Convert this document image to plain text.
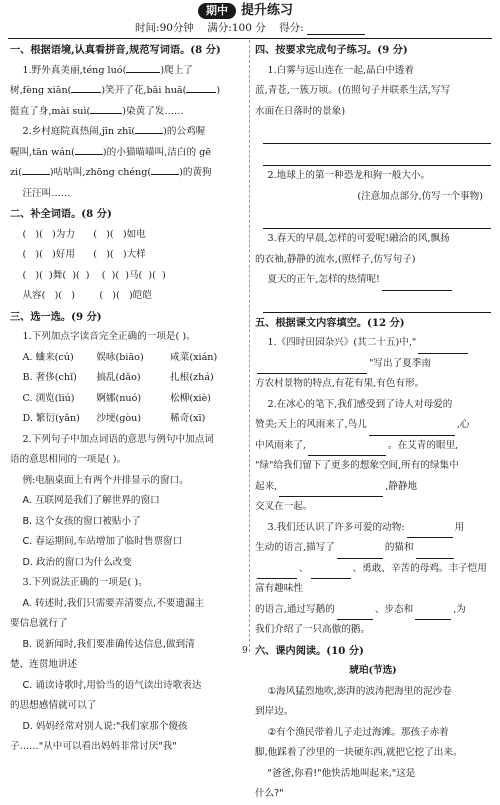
期中	提升练习
时间:90分钟 满分:100 分 得分:
一、根据语境,认真看拼音,规范写词语。(8 分)
1.野外真美丽,téng luó(	)爬上了
树,fèng xiān(	)笑开了花,bǎi huā(	)
挺直了身,mài suì(	)染黄了发……
2.乡村庭院真热闹,jīn zhī(	)的公鸡喔
喔叫,tān wán(	)的小猫喵喵叫,洁白的 gē
zi(	)咕咕叫,zhōng chéng(	)的黄狗
汪汪叫……
二、补全词语。(8 分)
( )( )为力 ( )( )如电
( )( )好用 ( )( )大样
( )( )舞( )( ) ( )( )马( )( )
从容( )( )	( )( )皑皑
三、选一选。(9 分)
1.下列加点字读音完全正确的一项是( )。
A. 蛐来(cú)	娱咏(biāo)	咸菜(xián)
B. 奢侈(chǐ)	搞乱(dǎo)	扎根(zhá)
C. 浏览(liú)	婀娜(nuó)	松柳(xiè)
D. 繁衍(yǎn)	沙埂(gòu)	稀奇(xī)
2.下列句子中加点词语的意思与例句中加点词
语的意思相同的一项是( )。
例:电脑桌面上有两个并排显示的窗口。
A. 互联网是我们了解世界的窗口
B. 这个女孩的窗口被贴小了
C. 春运期间,车站增加了临时售票窗口
D. 政治的窗口为什么改变
3.下列说法正确的一项是( )。
A. 转述时,我们只需要弄清要点,不要遗漏主
要信息就行了
B. 说新闻时,我们要准确传达信息,做到清
楚、连贯地讲述
C. 诵读诗歌时,用恰当的语气读出诗歌表达
的思想感情就可以了
D. 妈妈经常对别人说:"我们家那个傻孩
子……"从中可以看出妈妈非常讨厌"我"
四、按要求完成句子练习。(9 分)
1.白雾与远山连在一起,晶白中透着
蓝,青苍,一簇万顷。(仿照句子并联系生活,写写
水面在日落时的景象)
2.地球上的第一种恐龙和狗一般大小。
(注意加点部分,仿写一个事物)
3.春天的早晨,怎样的可爱呢!融洽的风,飘扬
的衣袖,静静的流水,(照样子,仿写句子)
夏天的正午,怎样的热情呢!
五、根据课文内容填空。(12 分)
1.《四时田园杂兴》(其二十五)中,"
"写出了夏季南
方农村景物的特点,有花有果,有色有形。
2.在冰心的笔下,我们感受到了诗人对母爱的
赞美;天上的风雨来了,鸟儿	,心
中风雨来了,	。在艾青的眼里,
"绿"给我们留下了更多的想象空间,所有的绿集中
起来,	,静静地
交叉在一起。
3.我们还认识了许多可爱的动物:	用
生动的语言,描写了	的猫和
、	、勇敢、辛苦的母鸡。丰子恺用富有趣味性
的语言,通过写鹅的	、步态和	,为
我们介绍了一只高傲的鹅。
六、课内阅读。(10 分)
琥珀(节选)
①海风猛烈地吹,澎湃的波涛把海里的泥沙卷
到岸边。
②有个渔民带着儿子走过海滩。那孩子赤着
脚,他踩着了沙里的一块硬东西,就把它挖了出来。
"爸爸,你看!"他快活地叫起来,"这是
什么?"
9
